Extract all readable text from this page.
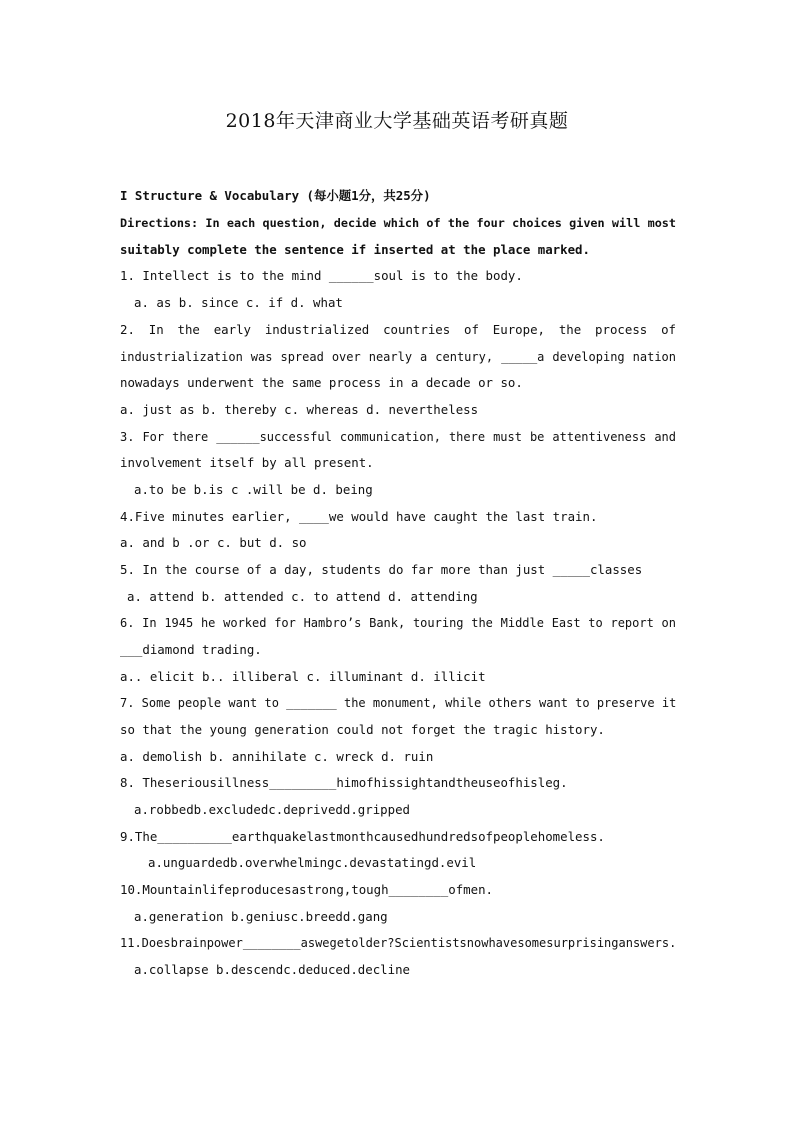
2018年天津商业大学基础英语考研真题
I Structure & Vocabulary (每小题1分，共25分)
Directions: In each question, decide which of the four choices given will most
suitably complete the sentence if inserted at the place marked.
1. Intellect is to the mind ______soul is to the body.
a. as b. since c. if d. what
2. In the early industrialized countries of Europe, the process of
industrialization was spread over nearly a century, _____a developing nation
nowadays underwent the same process in a decade or so.
a. just as b. thereby c. whereas d. nevertheless
3. For there ______successful communication, there must be attentiveness and
involvement itself by all present.
a.to be b.is c .will be d. being
4.Five minutes earlier, ____we would have caught the last train.
a. and b .or c. but d. so
5. In the course of a day, students do far more than just _____classes
a. attend b. attended c. to attend d. attending
6. In 1945 he worked for Hambro’s Bank, touring the Middle East to report on
___diamond trading.
a.. elicit b.. illiberal c. illuminant d. illicit
7. Some people want to _______ the monument, while others want to preserve it
so that the young generation could not forget the tragic history.
a. demolish b. annihilate c. wreck d. ruin
8. Theseriousillness_________himofhissightandtheuseofhisleg.
a.robbedb.excludedc.deprivedd.gripped
9.The__________earthquakelastmonthcausedhundredsofpeoplehomeless.
a.unguardedb.overwhelmingc.devastatingd.evil
10.Mountainlifeproducesastrong,tough________ofmen.
a.generation b.geniusc.breedd.gang
11.Doesbrainpower________aswegetolder?Scientistsnowhavesomesurprisinganswers.
a.collapse b.descendc.deduced.decline
